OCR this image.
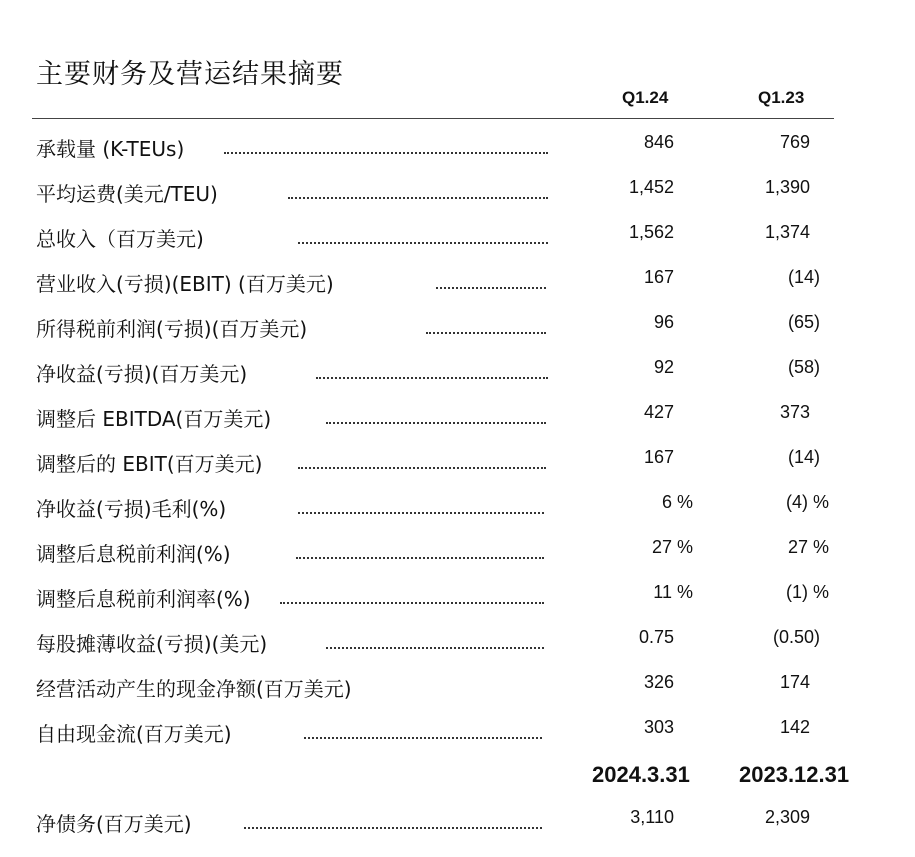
主要财务及营运结果摘要
Q1.24	Q1.23
承载量 (K-TEUs)	846	769
平均运费(美元/TEU)	1,452	1,390
总收入（百万美元)	1,562	1,374
营业收入(亏损)(EBIT) (百万美元)	167	(14)
所得税前利润(亏损)(百万美元)	96	(65)
净收益(亏损)(百万美元)	92	(58)
调整后 EBITDA(百万美元)	427	373
调整后的 EBIT(百万美元)	167	(14)
净收益(亏损)毛利(%)	6 %	(4) %
调整后息税前利润(%)	27 %	27 %
调整后息税前利润率(%)	11 %	(1) %
每股摊薄收益(亏损)(美元)	0.75	(0.50)
经营活动产生的现金净额(百万美元)	326	174
自由现金流(百万美元)	303	142
2024.3.31 2023.12.31
净债务(百万美元)	3,110	2,309
